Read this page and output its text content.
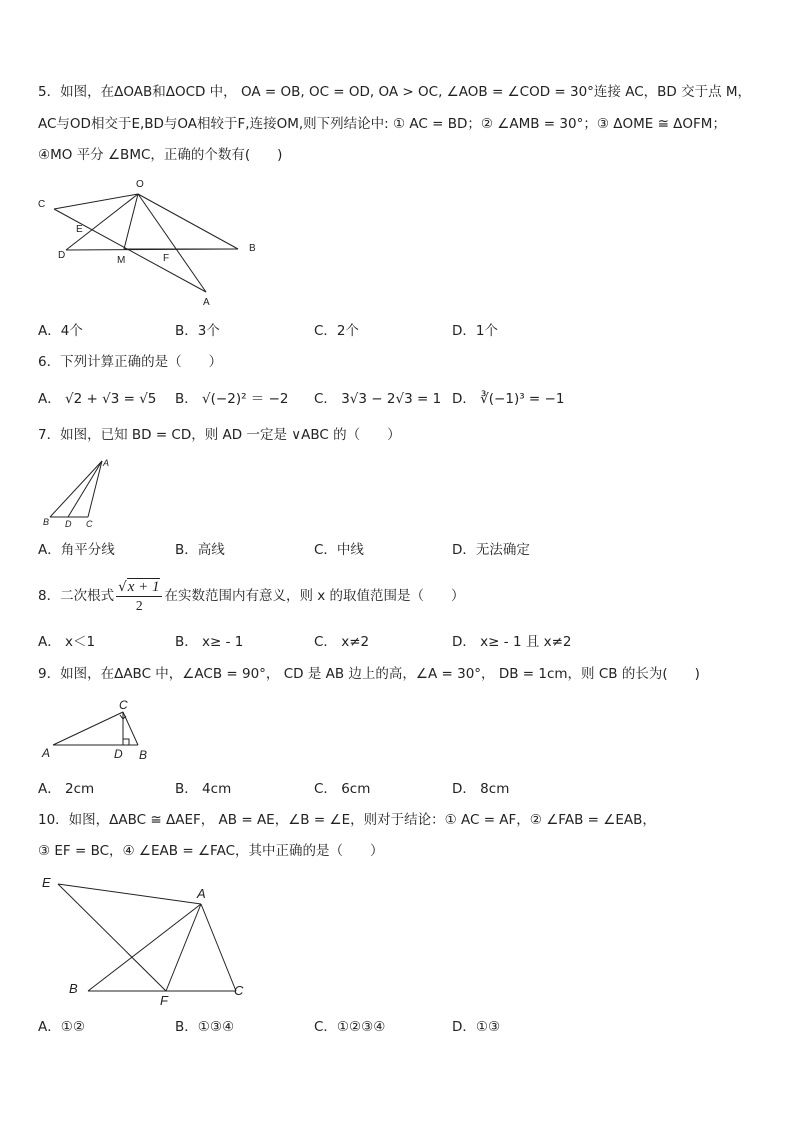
5．如图，在ΔOAB和ΔOCD 中， OA = OB, OC = OD, OA > OC, ∠AOB = ∠COD = 30°连接 AC，BD 交于点 M，
AC与OD相交于E,BD与OA相较于F,连接OM,则下列结论中: ① AC = BD；② ∠AMB = 30°；③ ΔOME ≅ ΔOFM；
④MO 平分 ∠BMC，正确的个数有(　　)
O
C
E
D	M	F
B
A
A．4个	B．3个	C．2个	D．1个
6．下列计算正确的是（　　）
A． √2 + √3 = √5 B． √(−2)² ＝ −2 C． 3√3 − 2√3 = 1 D． ∛(−1)³ = −1
7．如图，已知 BD = CD，则 AD 一定是 ∨ABC 的（　　）
A
B D C
A．角平分线	B．高线	C．中线	D．无法确定
8．二次根式 $\frac{√x + 1}{2}$ 在实数范围内有意义，则 x 的取值范围是（　　）
A． x＜1	B． x≥ - 1	C． x≠2	D． x≥ - 1 且 x≠2
9．如图，在ΔABC 中，∠ACB = 90°， CD 是 AB 边上的高，∠A = 30°， DB = 1cm，则 CB 的长为(　　)
C
A	D B
A． 2cm	B． 4cm	C． 6cm	D． 8cm
10．如图，ΔABC ≅ ΔAEF， AB = AE，∠B = ∠E，则对于结论：① AC = AF，② ∠FAB = ∠EAB，
③ EF = BC，④ ∠EAB = ∠FAC，其中正确的是（　　）
E
A
B
F
C
A．①②	B．①③④	C．①②③④	D．①③
